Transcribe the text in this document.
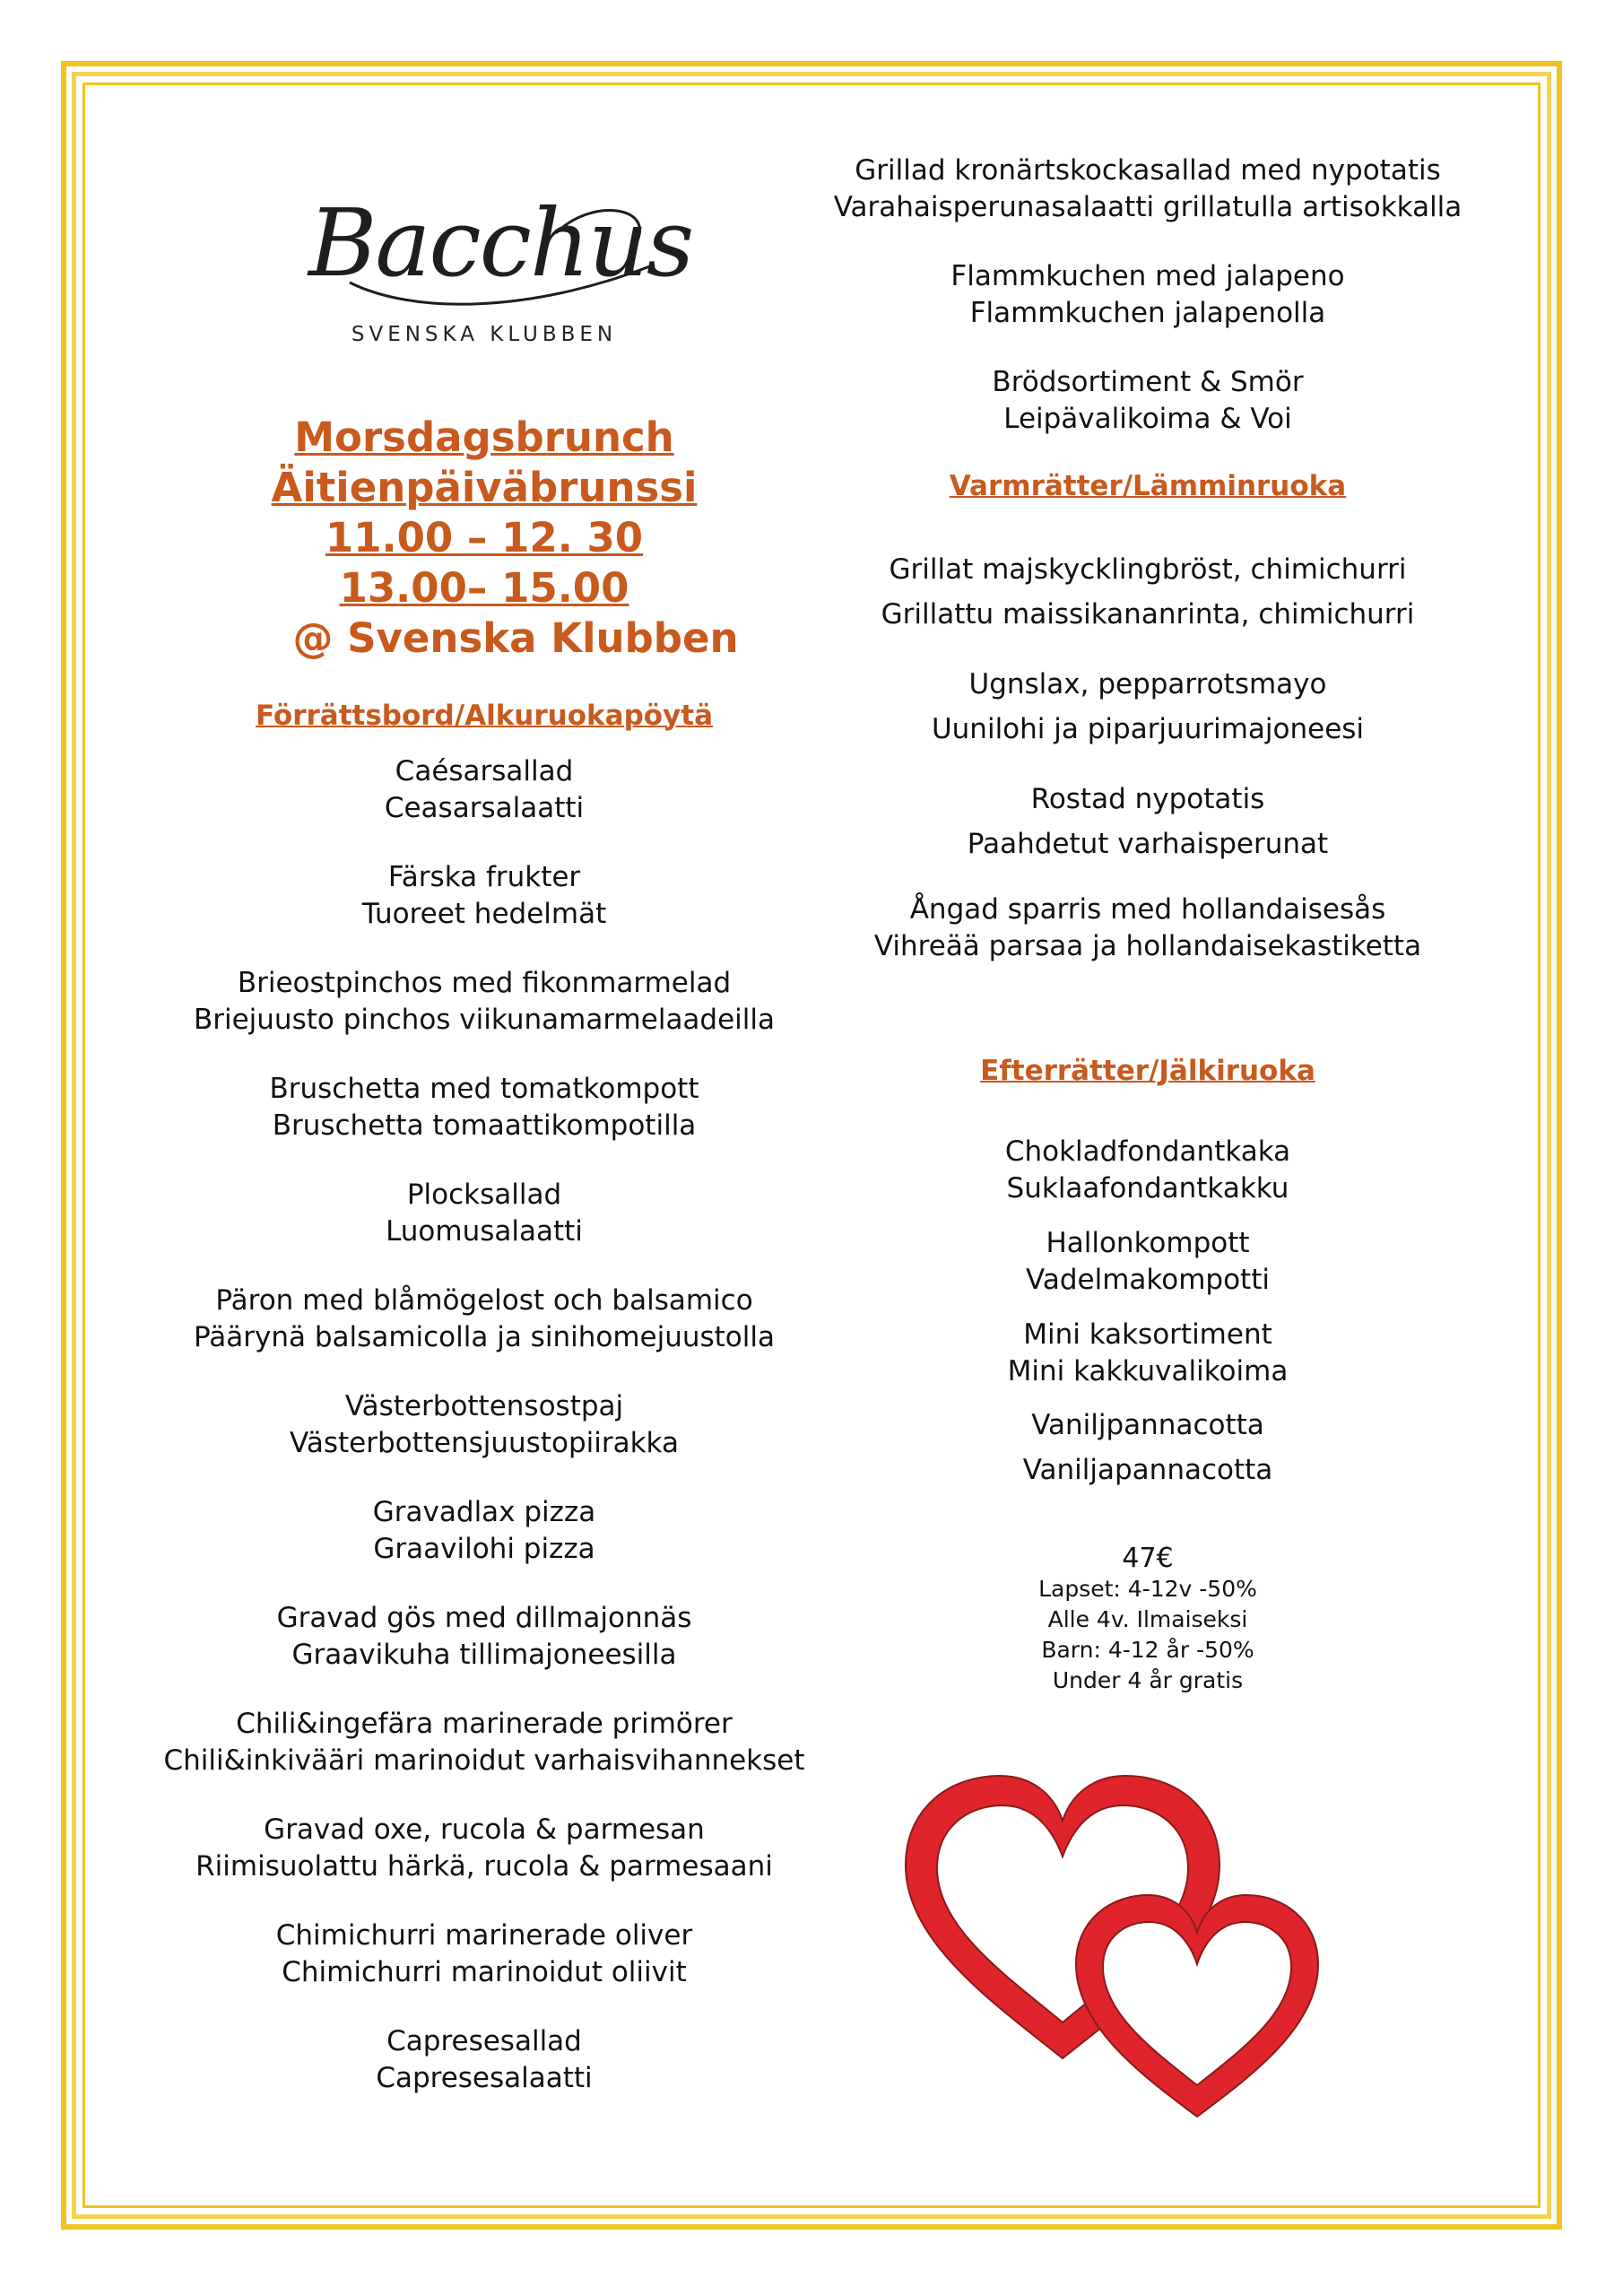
Bacchus
SVENSKA KLUBBEN
Morsdagsbrunch
Äitienpäiväbrunssi
11.00 – 12. 30
13.00– 15.00
@ Svenska Klubben
Förrättsbord/Alkuruokapöytä
Caésarsallad
Ceasarsalaatti
Färska frukter
Tuoreet hedelmät
Brieostpinchos med fikonmarmelad
Briejuusto pinchos viikunamarmelaadeilla
Bruschetta med tomatkompott
Bruschetta tomaattikompotilla
Plocksallad
Luomusalaatti
Päron med blåmögelost och balsamico
Päärynä balsamicolla ja sinihomejuustolla
Västerbottensostpaj
Västerbottensjuustopiirakka
Gravadlax pizza
Graavilohi pizza
Gravad gös med dillmajonnäs
Graavikuha tillimajoneesilla
Chili&ingefära marinerade primörer
Chili&inkivääri marinoidut varhaisvihannekset
Gravad oxe, rucola & parmesan
Riimisuolattu härkä, rucola & parmesaani
Chimichurri marinerade oliver
Chimichurri marinoidut oliivit
Capresesallad
Capresesalaatti
Grillad kronärtskockasallad med nypotatis
Varahaisperunasalaatti grillatulla artisokkalla
Flammkuchen med jalapeno
Flammkuchen jalapenolla
Brödsortiment & Smör
Leipävalikoima & Voi
Varmrätter/Lämminruoka
Grillat majskycklingbröst, chimichurri
Grillattu maissikananrinta, chimichurri
Ugnslax, pepparrotsmayo
Uunilohi ja piparjuurimajoneesi
Rostad nypotatis
Paahdetut varhaisperunat
Ångad sparris med hollandaisesås
Vihreää parsaa ja hollandaisekastiketta
Efterrätter/Jälkiruoka
Chokladfondantkaka
Suklaafondantkakku
Hallonkompott
Vadelmakompotti
Mini kaksortiment
Mini kakkuvalikoima
Vaniljpannacotta
Vaniljapannacotta
47€
Lapset: 4-12v -50%
Alle 4v. Ilmaiseksi
Barn: 4-12 år -50%
Under 4 år gratis
